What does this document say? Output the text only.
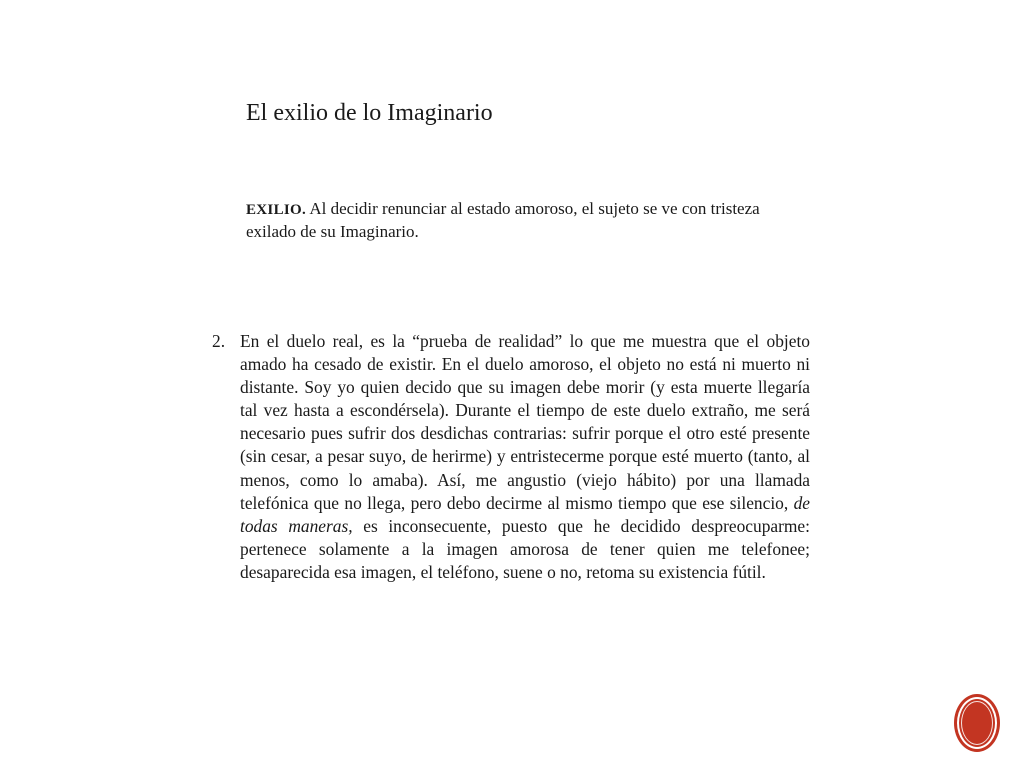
El exilio de lo Imaginario
EXILIO. Al decidir renunciar al estado amoroso, el sujeto se ve con tristeza exilado de su Imaginario.
2. En el duelo real, es la “prueba de realidad” lo que me muestra que el objeto amado ha cesado de existir. En el duelo amoroso, el objeto no está ni muerto ni distante. Soy yo quien decido que su imagen debe morir (y esta muerte llegaría tal vez hasta a escondérsela). Durante el tiempo de este duelo extraño, me será necesario pues sufrir dos desdichas contrarias: sufrir porque el otro esté presente (sin cesar, a pesar suyo, de herirme) y entristecerme porque esté muerto (tanto, al menos, como lo amaba). Así, me angustio (viejo hábito) por una llamada telefónica que no llega, pero debo decirme al mismo tiempo que ese silencio, de todas maneras, es inconsecuente, puesto que he decidido despreocuparme: pertenece solamente a la imagen amorosa de tener quien me telefonee; desaparecida esa imagen, el teléfono, suene o no, retoma su existencia fútil.
